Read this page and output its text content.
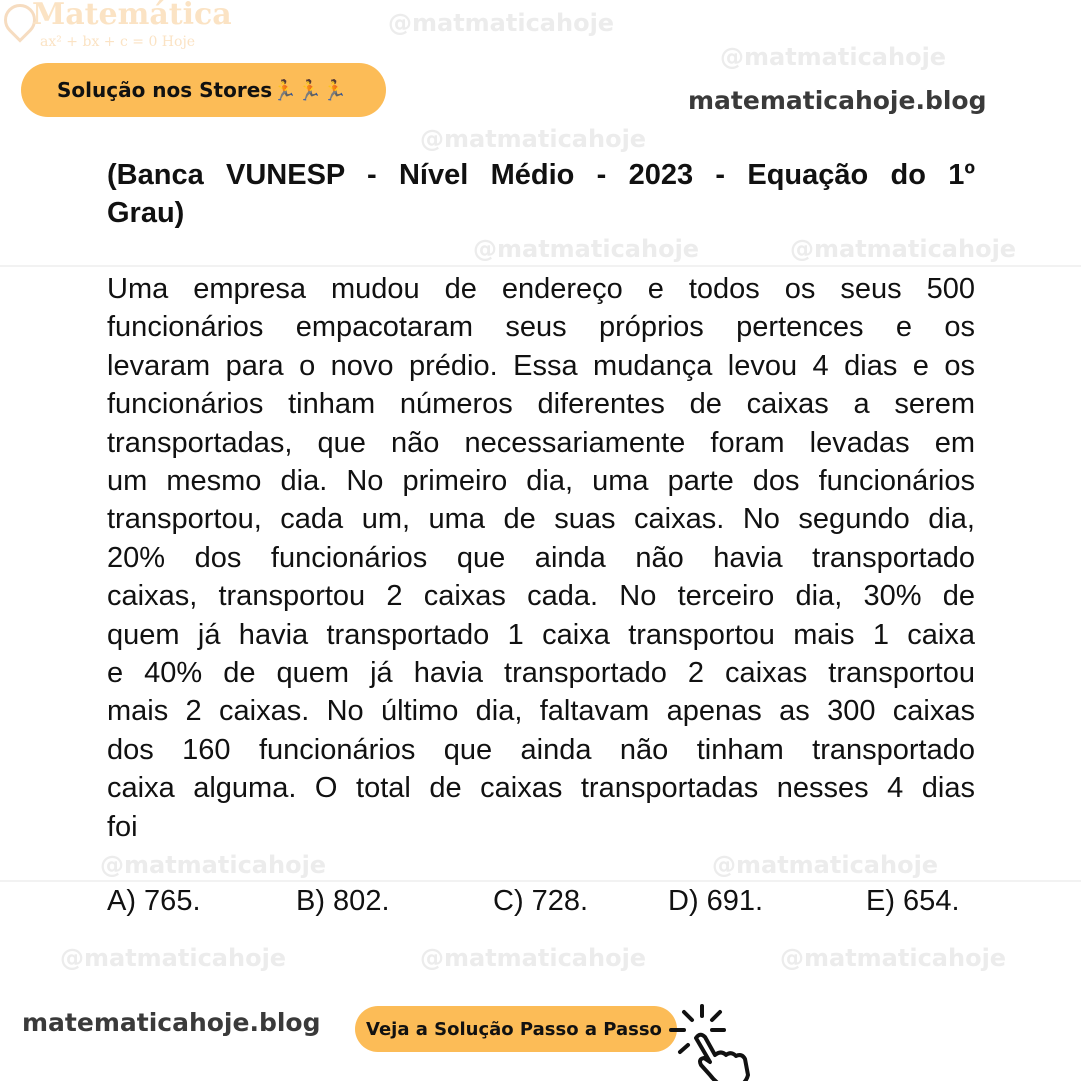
@matmaticahoje
@matmaticahoje
@matmaticahoje
@matmaticahoje	@matmaticahoje
@matmaticahoje	@matmaticahoje
@matmaticahoje	@matmaticahoje	@matmaticahoje
Matemática
ax² + bx + c = 0 Hoje
Solução nos Stores🏃🏃🏃	matematicahoje.blog
(Banca VUNESP - Nível Médio - 2023 - Equação do 1º
Grau)
Uma empresa mudou de endereço e todos os seus 500
funcionários empacotaram seus próprios pertences e os
levaram para o novo prédio. Essa mudança levou 4 dias e os
funcionários tinham números diferentes de caixas a serem
transportadas, que não necessariamente foram levadas em
um mesmo dia. No primeiro dia, uma parte dos funcionários
transportou, cada um, uma de suas caixas. No segundo dia,
20% dos funcionários que ainda não havia transportado
caixas, transportou 2 caixas cada. No terceiro dia, 30% de
quem já havia transportado 1 caixa transportou mais 1 caixa
e 40% de quem já havia transportado 2 caixas transportou
mais 2 caixas. No último dia, faltavam apenas as 300 caixas
dos 160 funcionários que ainda não tinham transportado
caixa alguma. O total de caixas transportadas nesses 4 dias
foi
A) 765.	B) 802.	C) 728.	D) 691.	E) 654.
matematicahoje.blog	Veja a Solução Passo a Passo
